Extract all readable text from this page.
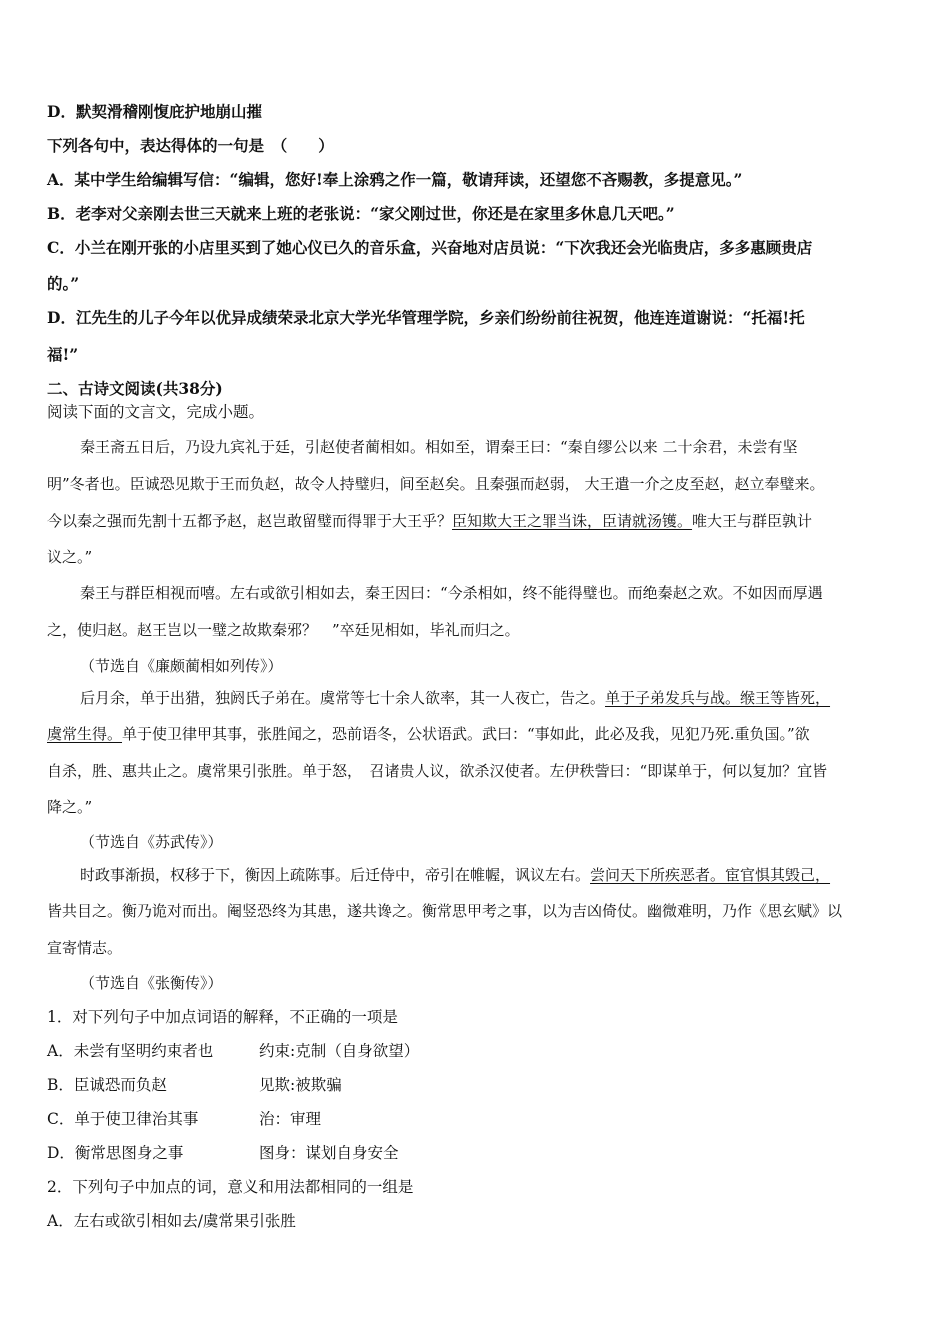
D．默契滑稽刚愎庇护地崩山摧
下列各句中，表达得体的一句是　（　　）
A．某中学生给编辑写信：“编辑，您好!奉上涂鸦之作一篇，敬请拜读，还望您不吝赐教，多提意见。”
B．老李对父亲刚去世三天就来上班的老张说：“家父刚过世，你还是在家里多休息几天吧。”
C．小兰在刚开张的小店里买到了她心仪已久的音乐盒，兴奋地对店员说：“下次我还会光临贵店，多多惠顾贵店
的。”
D．江先生的儿子今年以优异成绩荣录北京大学光华管理学院，乡亲们纷纷前往祝贺，他连连道谢说：“托福!托
福!”
二、古诗文阅读(共38分)
阅读下面的文言文，完成小题。
秦王斋五日后，乃设九宾礼于廷，引赵使者蔺相如。相如至，谓秦王曰：“秦自缪公以来 二十余君，未尝有坚
明”冬者也。臣诚恐见欺于王而负赵，故令人持璧归，间至赵矣。且秦强而赵弱， 大王遣一介之皮至赵，赵立奉璧来。
今以秦之强而先割十五都予赵，赵岂敢留璧而得罪于大王乎？臣知欺大王之罪当诛，臣请就汤镬。唯大王与群臣孰计
议之。”
秦王与群臣相视而嘻。左右或欲引相如去，秦王因曰：“今杀相如，终不能得璧也。而绝秦赵之欢。不如因而厚遇
之，使归赵。赵王岂以一璧之故欺秦邪？　”卒廷见相如，毕礼而归之。
（节选自《廉颇蔺相如列传》）
后月余，单于出猎，独阏氏子弟在。虞常等七十余人欲率，其一人夜亡，告之。单于子弟发兵与战。缑王等皆死，
虞常生得。单于使卫律甲其事，张胜闻之，恐前语冬，公状语武。武曰：“事如此，此必及我，见犯乃死.重负国。”欲
自杀，胜、惠共止之。虞常果引张胜。单于怒，　召诸贵人议，欲杀汉使者。左伊秩訾曰：“即谋单于，何以复加？宜皆
降之。”
（节选自《苏武传》）
时政事渐损，权移于下，衡因上疏陈事。后迁侍中，帝引在帷幄，讽议左右。尝问天下所疾恶者。宦官惧其毁己，
皆共目之。衡乃诡对而出。阉竖恐终为其患，遂共谗之。衡常思甲考之事，以为吉凶倚仗。幽微难明，乃作《思玄赋》以
宣寄情志。
（节选自《张衡传》）
1．对下列句子中加点词语的解释，不正确的一项是
A．未尝有坚明约束者也	约束:克制（自身欲望）
B．臣诚恐而负赵	见欺:被欺骗
C．单于使卫律治其事	治：审理
D．衡常思图身之事	图身：谋划自身安全
2．下列句子中加点的词，意义和用法都相同的一组是
A．左右或欲引相如去/虞常果引张胜
